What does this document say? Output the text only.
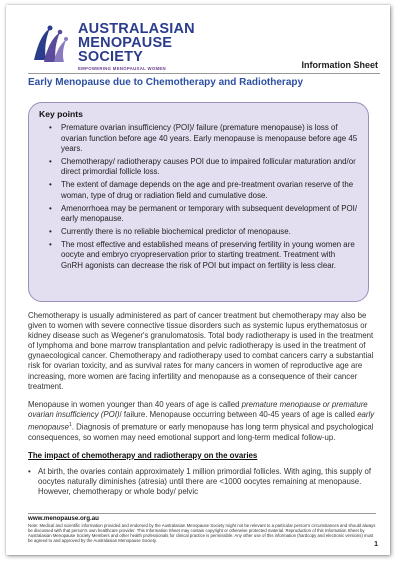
AUSTRALASIAN
MENOPAUSE
SOCIETY
EMPOWERING MENOPAUSAL WOMEN	Information Sheet
Early Menopause due to Chemotherapy and Radiotherapy
Key points
• Premature ovarian insufficiency (POI)/ failure (premature menopause) is loss of ovarian function before age 40 years. Early menopause is menopause before age 45 years.
• Chemotherapy/ radiotherapy causes POI due to impaired follicular maturation and/or direct primordial follicle loss.
• The extent of damage depends on the age and pre-treatment ovarian reserve of the woman, type of drug or radiation field and cumulative dose.
• Amenorrhoea may be permanent or temporary with subsequent development of POI/ early menopause.
• Currently there is no reliable biochemical predictor of menopause.
• The most effective and established means of preserving fertility in young women are oocyte and embryo cryopreservation prior to starting treatment. Treatment with GnRH agonists can decrease the risk of POI but impact on fertility is less clear.

Chemotherapy is usually administered as part of cancer treatment but chemotherapy may also be given to women with severe connective tissue disorders such as systemic lupus erythematosus or kidney disease such as Wegener's granulomatosis. Total body radiotherapy is used in the treatment of lymphoma and bone marrow transplantation and pelvic radiotherapy is used in the treatment of gynaecological cancer. Chemotherapy and radiotherapy used to combat cancers carry a substantial risk for ovarian toxicity, and as survival rates for many cancers in women of reproductive age are increasing, more women are facing infertility and menopause as a consequence of their cancer treatment.

Menopause in women younger than 40 years of age is called premature menopause or premature ovarian insufficiency (POI)/ failure. Menopause occurring between 40-45 years of age is called early menopause$^1$. Diagnosis of premature or early menopause has long term physical and psychological consequences, so women may need emotional support and long-term medical follow-up.

The impact of chemotherapy and radiotherapy on the ovaries
• At birth, the ovaries contain approximately 1 million primordial follicles. With aging, this supply of oocytes naturally diminishes (atresia) until there are <1000 oocytes remaining at menopause. However, chemotherapy or whole body/ pelvic
www.menopause.org.au
Note: Medical and scientific information provided and endorsed by the Australasian Menopause Society might not be relevant to a particular person's circumstances and should always be discussed with that person's own healthcare provider. This Information Sheet may contain copyright or otherwise protected material. Reproduction of this Information Sheet by Australasian Menopause Society Members and other health professionals for clinical practice is permissible. Any other use of this information (hardcopy and electronic versions) must be agreed to and approved by the Australasian Menopause Society.
1
